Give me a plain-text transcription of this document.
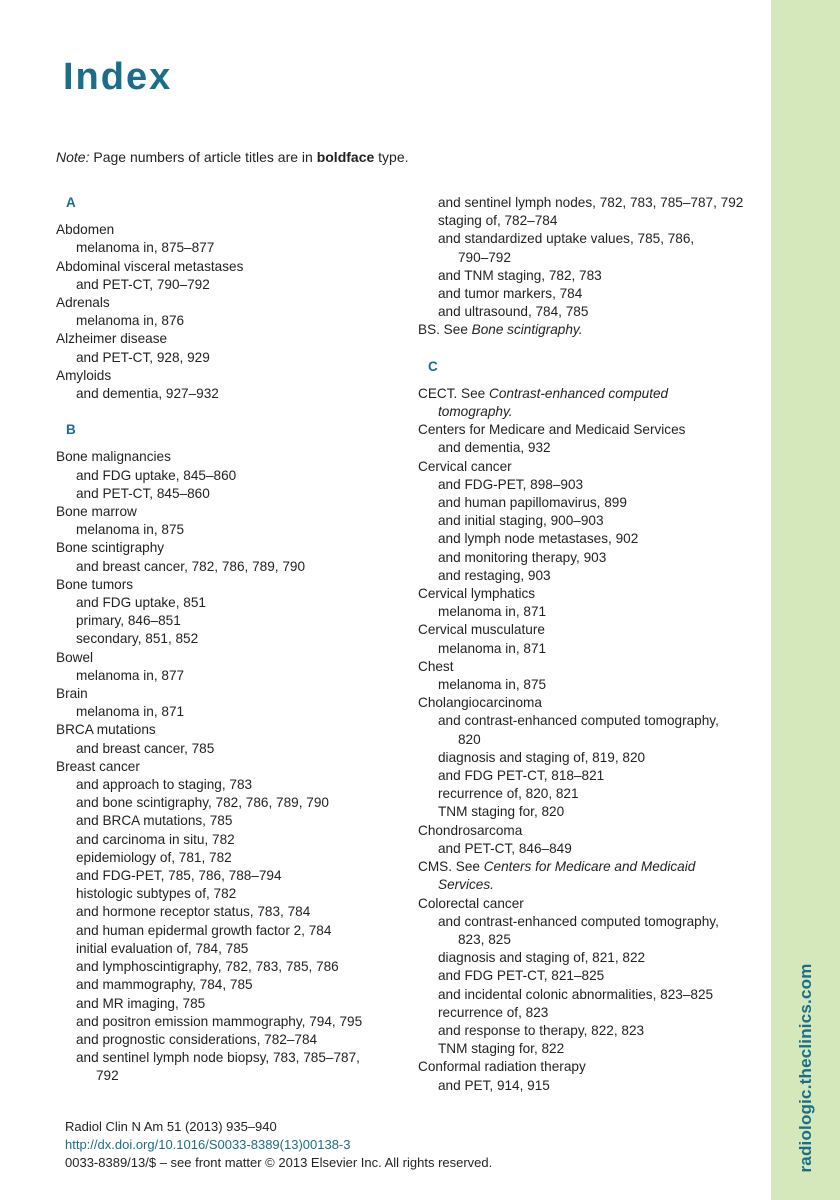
radiologic.theclinics.com
Index
Note: Page numbers of article titles are in boldface type.
A
Abdomen
melanoma in, 875–877
Abdominal visceral metastases
and PET-CT, 790–792
Adrenals
melanoma in, 876
Alzheimer disease
and PET-CT, 928, 929
Amyloids
and dementia, 927–932
B
Bone malignancies
and FDG uptake, 845–860
and PET-CT, 845–860
Bone marrow
melanoma in, 875
Bone scintigraphy
and breast cancer, 782, 786, 789, 790
Bone tumors
and FDG uptake, 851
primary, 846–851
secondary, 851, 852
Bowel
melanoma in, 877
Brain
melanoma in, 871
BRCA mutations
and breast cancer, 785
Breast cancer
and approach to staging, 783
and bone scintigraphy, 782, 786, 789, 790
and BRCA mutations, 785
and carcinoma in situ, 782
epidemiology of, 781, 782
and FDG-PET, 785, 786, 788–794
histologic subtypes of, 782
and hormone receptor status, 783, 784
and human epidermal growth factor 2, 784
initial evaluation of, 784, 785
and lymphoscintigraphy, 782, 783, 785, 786
and mammography, 784, 785
and MR imaging, 785
and positron emission mammography, 794, 795
and prognostic considerations, 782–784
and sentinel lymph node biopsy, 783, 785–787,
792
and sentinel lymph nodes, 782, 783, 785–787, 792
staging of, 782–784
and standardized uptake values, 785, 786,
790–792
and TNM staging, 782, 783
and tumor markers, 784
and ultrasound, 784, 785
BS. See Bone scintigraphy.
C
CECT. See Contrast-enhanced computed
tomography.
Centers for Medicare and Medicaid Services
and dementia, 932
Cervical cancer
and FDG-PET, 898–903
and human papillomavirus, 899
and initial staging, 900–903
and lymph node metastases, 902
and monitoring therapy, 903
and restaging, 903
Cervical lymphatics
melanoma in, 871
Cervical musculature
melanoma in, 871
Chest
melanoma in, 875
Cholangiocarcinoma
and contrast-enhanced computed tomography,
820
diagnosis and staging of, 819, 820
and FDG PET-CT, 818–821
recurrence of, 820, 821
TNM staging for, 820
Chondrosarcoma
and PET-CT, 846–849
CMS. See Centers for Medicare and Medicaid
Services.
Colorectal cancer
and contrast-enhanced computed tomography,
823, 825
diagnosis and staging of, 821, 822
and FDG PET-CT, 821–825
and incidental colonic abnormalities, 823–825
recurrence of, 823
and response to therapy, 822, 823
TNM staging for, 822
Conformal radiation therapy
and PET, 914, 915
Radiol Clin N Am 51 (2013) 935–940
http://dx.doi.org/10.1016/S0033-8389(13)00138-3
0033-8389/13/$ – see front matter © 2013 Elsevier Inc. All rights reserved.
